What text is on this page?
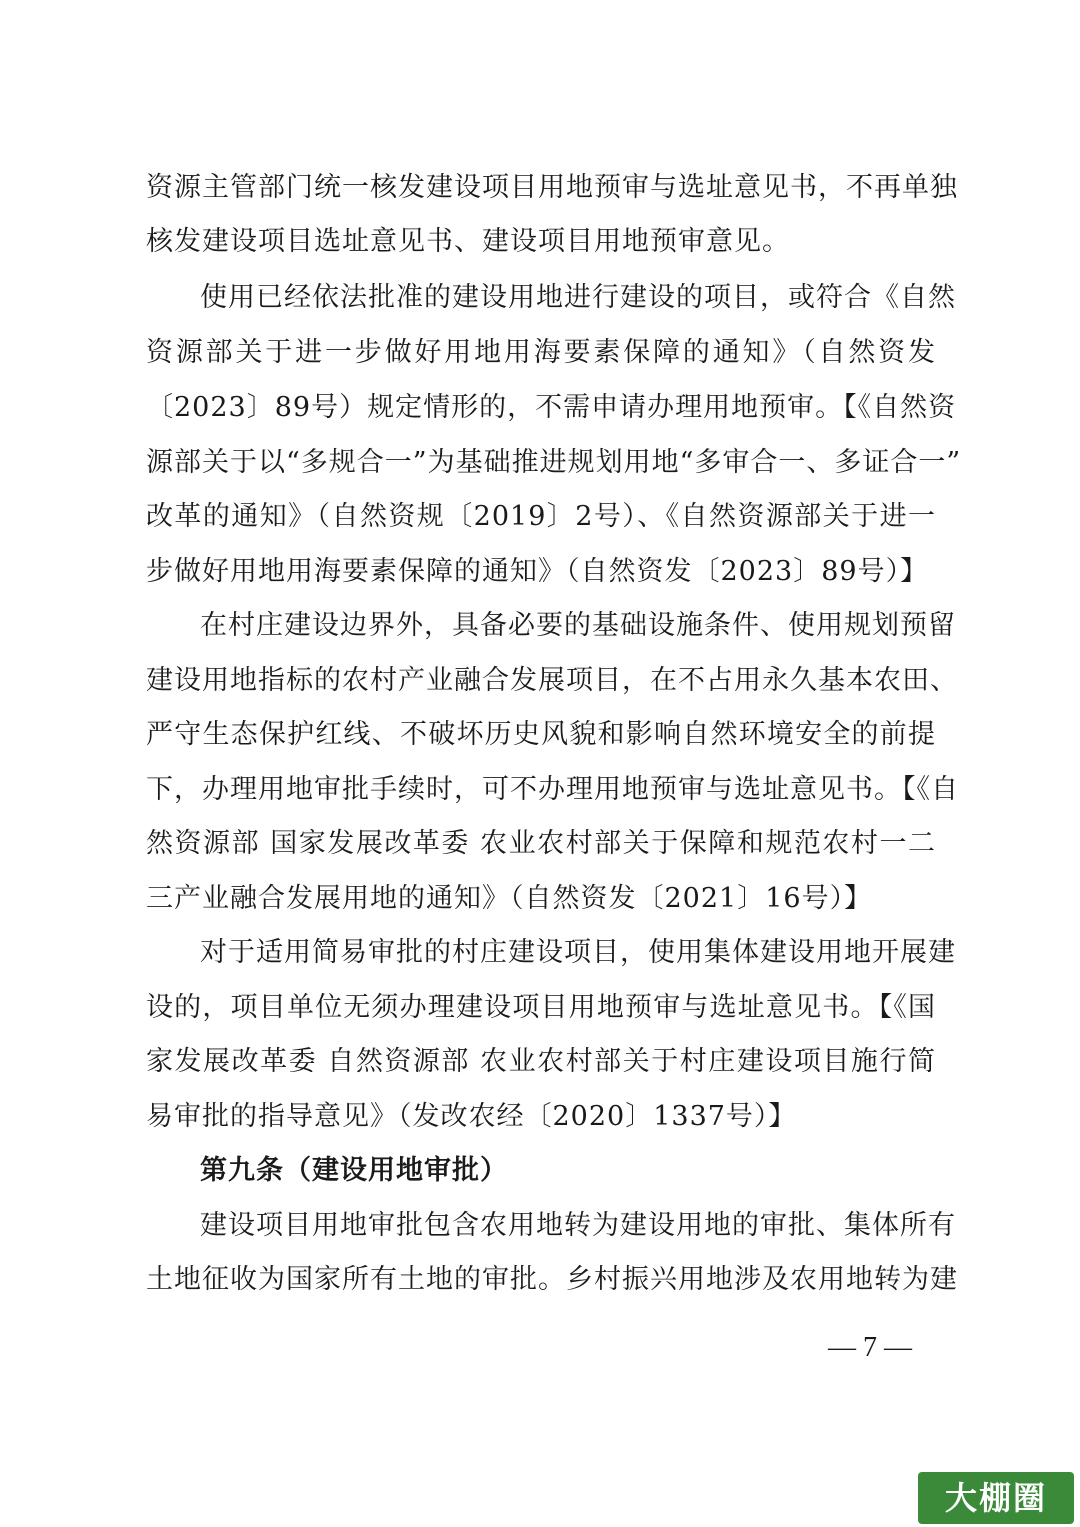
资源主管部门统一核发建设项目用地预审与选址意见书，不再单独
核发建设项目选址意见书、建设项目用地预审意见。
使用已经依法批准的建设用地进行建设的项目，或符合《自然
资源部关于进一步做好用地用海要素保障的通知》（自然资发
〔2023〕89号）规定情形的，不需申请办理用地预审。【《自然资
源部关于以“多规合一”为基础推进规划用地“多审合一、多证合一”
改革的通知》（自然资规〔2019〕2号）、《自然资源部关于进一
步做好用地用海要素保障的通知》（自然资发〔2023〕89号）】
在村庄建设边界外，具备必要的基础设施条件、使用规划预留
建设用地指标的农村产业融合发展项目，在不占用永久基本农田、
严守生态保护红线、不破坏历史风貌和影响自然环境安全的前提
下，办理用地审批手续时，可不办理用地预审与选址意见书。【《自
然资源部 国家发展改革委 农业农村部关于保障和规范农村一二
三产业融合发展用地的通知》（自然资发〔2021〕16号）】
对于适用简易审批的村庄建设项目，使用集体建设用地开展建
设的，项目单位无须办理建设项目用地预审与选址意见书。【《国
家发展改革委 自然资源部 农业农村部关于村庄建设项目施行简
易审批的指导意见》（发改农经〔2020〕1337号）】
第九条（建设用地审批）
建设项目用地审批包含农用地转为建设用地的审批、集体所有
土地征收为国家所有土地的审批。乡村振兴用地涉及农用地转为建
— 7 —
大棚圈
